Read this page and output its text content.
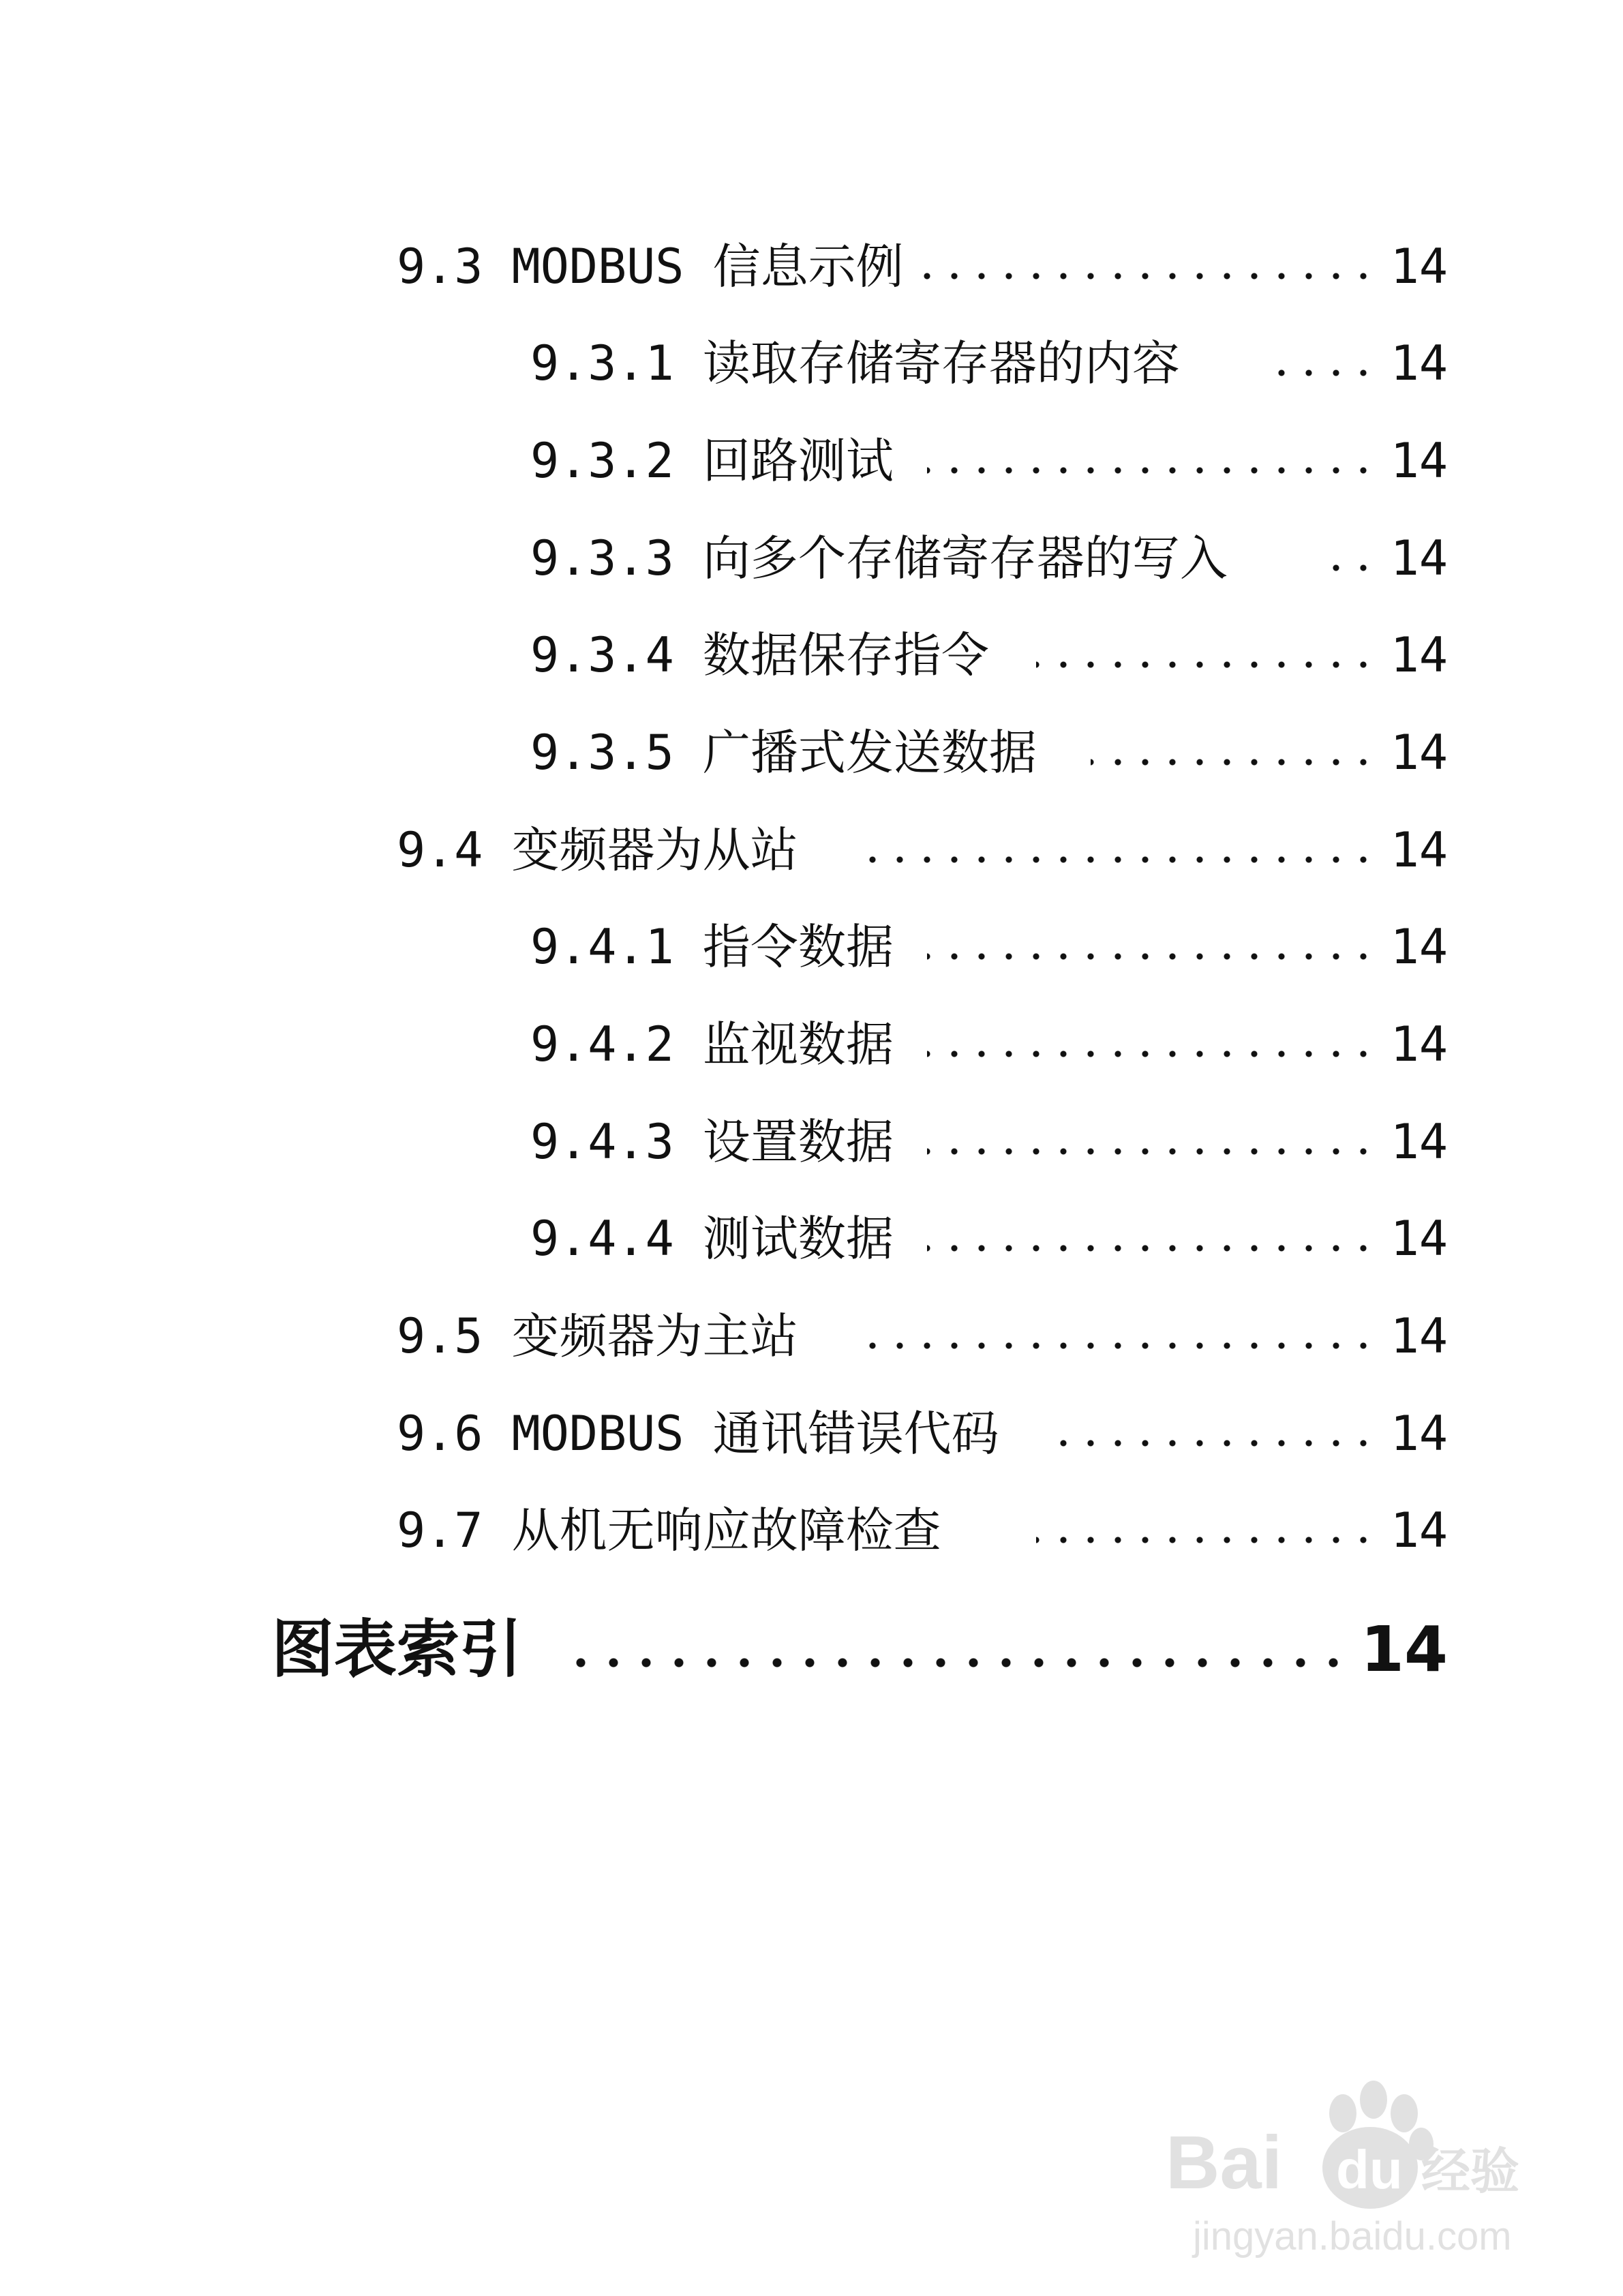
9.3 MODBUS 信息示例	14
9.3.1 读取存储寄存器的内容	14
9.3.2 回路测试	14
9.3.3 向多个存储寄存器的写入	14
9.3.4 数据保存指令	14
9.3.5 广播式发送数据	14
9.4 变频器为从站	14
9.4.1 指令数据	14
9.4.2 监视数据	14
9.4.3 设置数据	14
9.4.4 测试数据	14
9.5 变频器为主站	14
9.6 MODBUS 通讯错误代码	14
9.7 从机无响应故障检查	14
图表索引	14
Bai du 经验
jingyan.baidu.com
